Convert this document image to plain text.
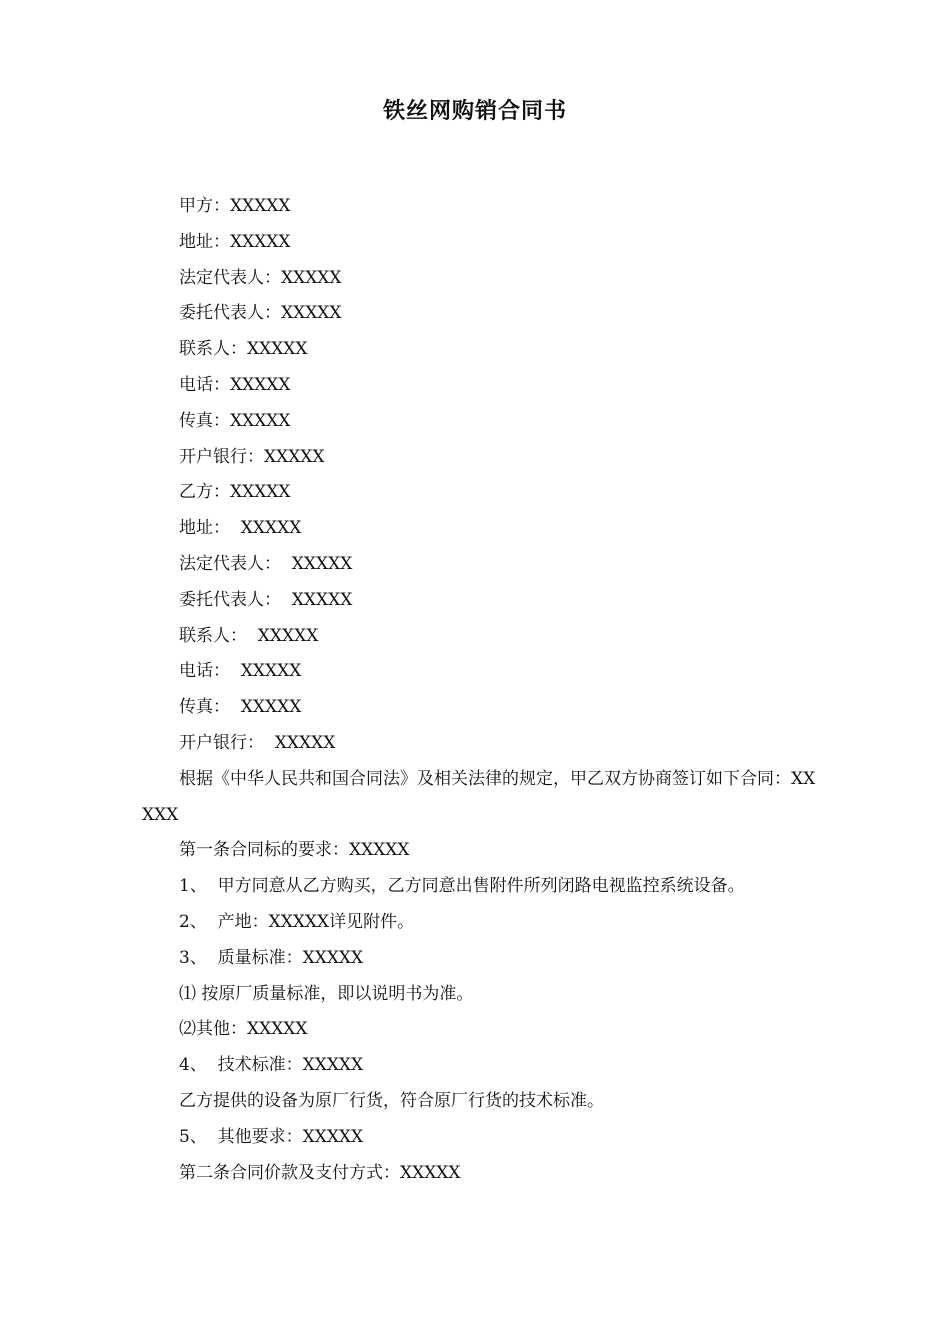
铁丝网购销合同书
甲方：XXXXX
地址：XXXXX
法定代表人：XXXXX
委托代表人：XXXXX
联系人：XXXXX
电话：XXXXX
传真：XXXXX
开户银行：XXXXX
乙方：XXXXX
地址：  XXXXX
法定代表人：  XXXXX
委托代表人：  XXXXX
联系人：  XXXXX
电话：  XXXXX
传真：  XXXXX
开户银行：  XXXXX
根据《中华人民共和国合同法》及相关法律的规定，甲乙双方协商签订如下合同：XXXXX
第一条合同标的要求：XXXXX
1、  甲方同意从乙方购买，乙方同意出售附件所列闭路电视监控系统设备。
2、  产地：XXXXX详见附件。
3、  质量标准：XXXXX
⑴ 按原厂质量标准，即以说明书为准。
⑵其他：XXXXX
4、  技术标准：XXXXX
乙方提供的设备为原厂行货，符合原厂行货的技术标准。
5、  其他要求：XXXXX
第二条合同价款及支付方式：XXXXX
